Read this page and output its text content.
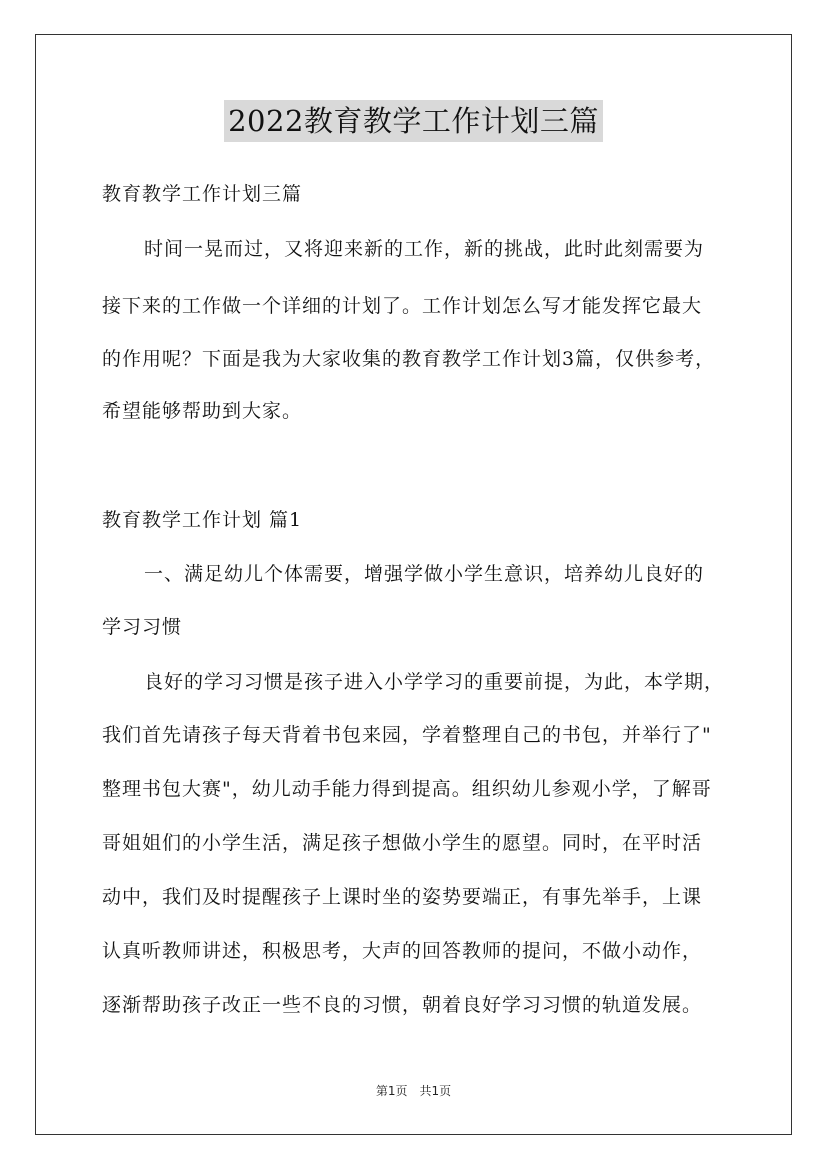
2022教育教学工作计划三篇
教育教学工作计划三篇
时间一晃而过，又将迎来新的工作，新的挑战，此时此刻需要为
接下来的工作做一个详细的计划了。工作计划怎么写才能发挥它最大
的作用呢？下面是我为大家收集的教育教学工作计划3篇，仅供参考，
希望能够帮助到大家。
教育教学工作计划 篇1
一、满足幼儿个体需要，增强学做小学生意识，培养幼儿良好的
学习习惯
良好的学习习惯是孩子进入小学学习的重要前提，为此，本学期，
我们首先请孩子每天背着书包来园，学着整理自己的书包，并举行了"
整理书包大赛"，幼儿动手能力得到提高。组织幼儿参观小学，了解哥
哥姐姐们的小学生活，满足孩子想做小学生的愿望。同时，在平时活
动中，我们及时提醒孩子上课时坐的姿势要端正，有事先举手，上课
认真听教师讲述，积极思考，大声的回答教师的提问，不做小动作，
逐渐帮助孩子改正一些不良的习惯，朝着良好学习习惯的轨道发展。
第1页　共1页
